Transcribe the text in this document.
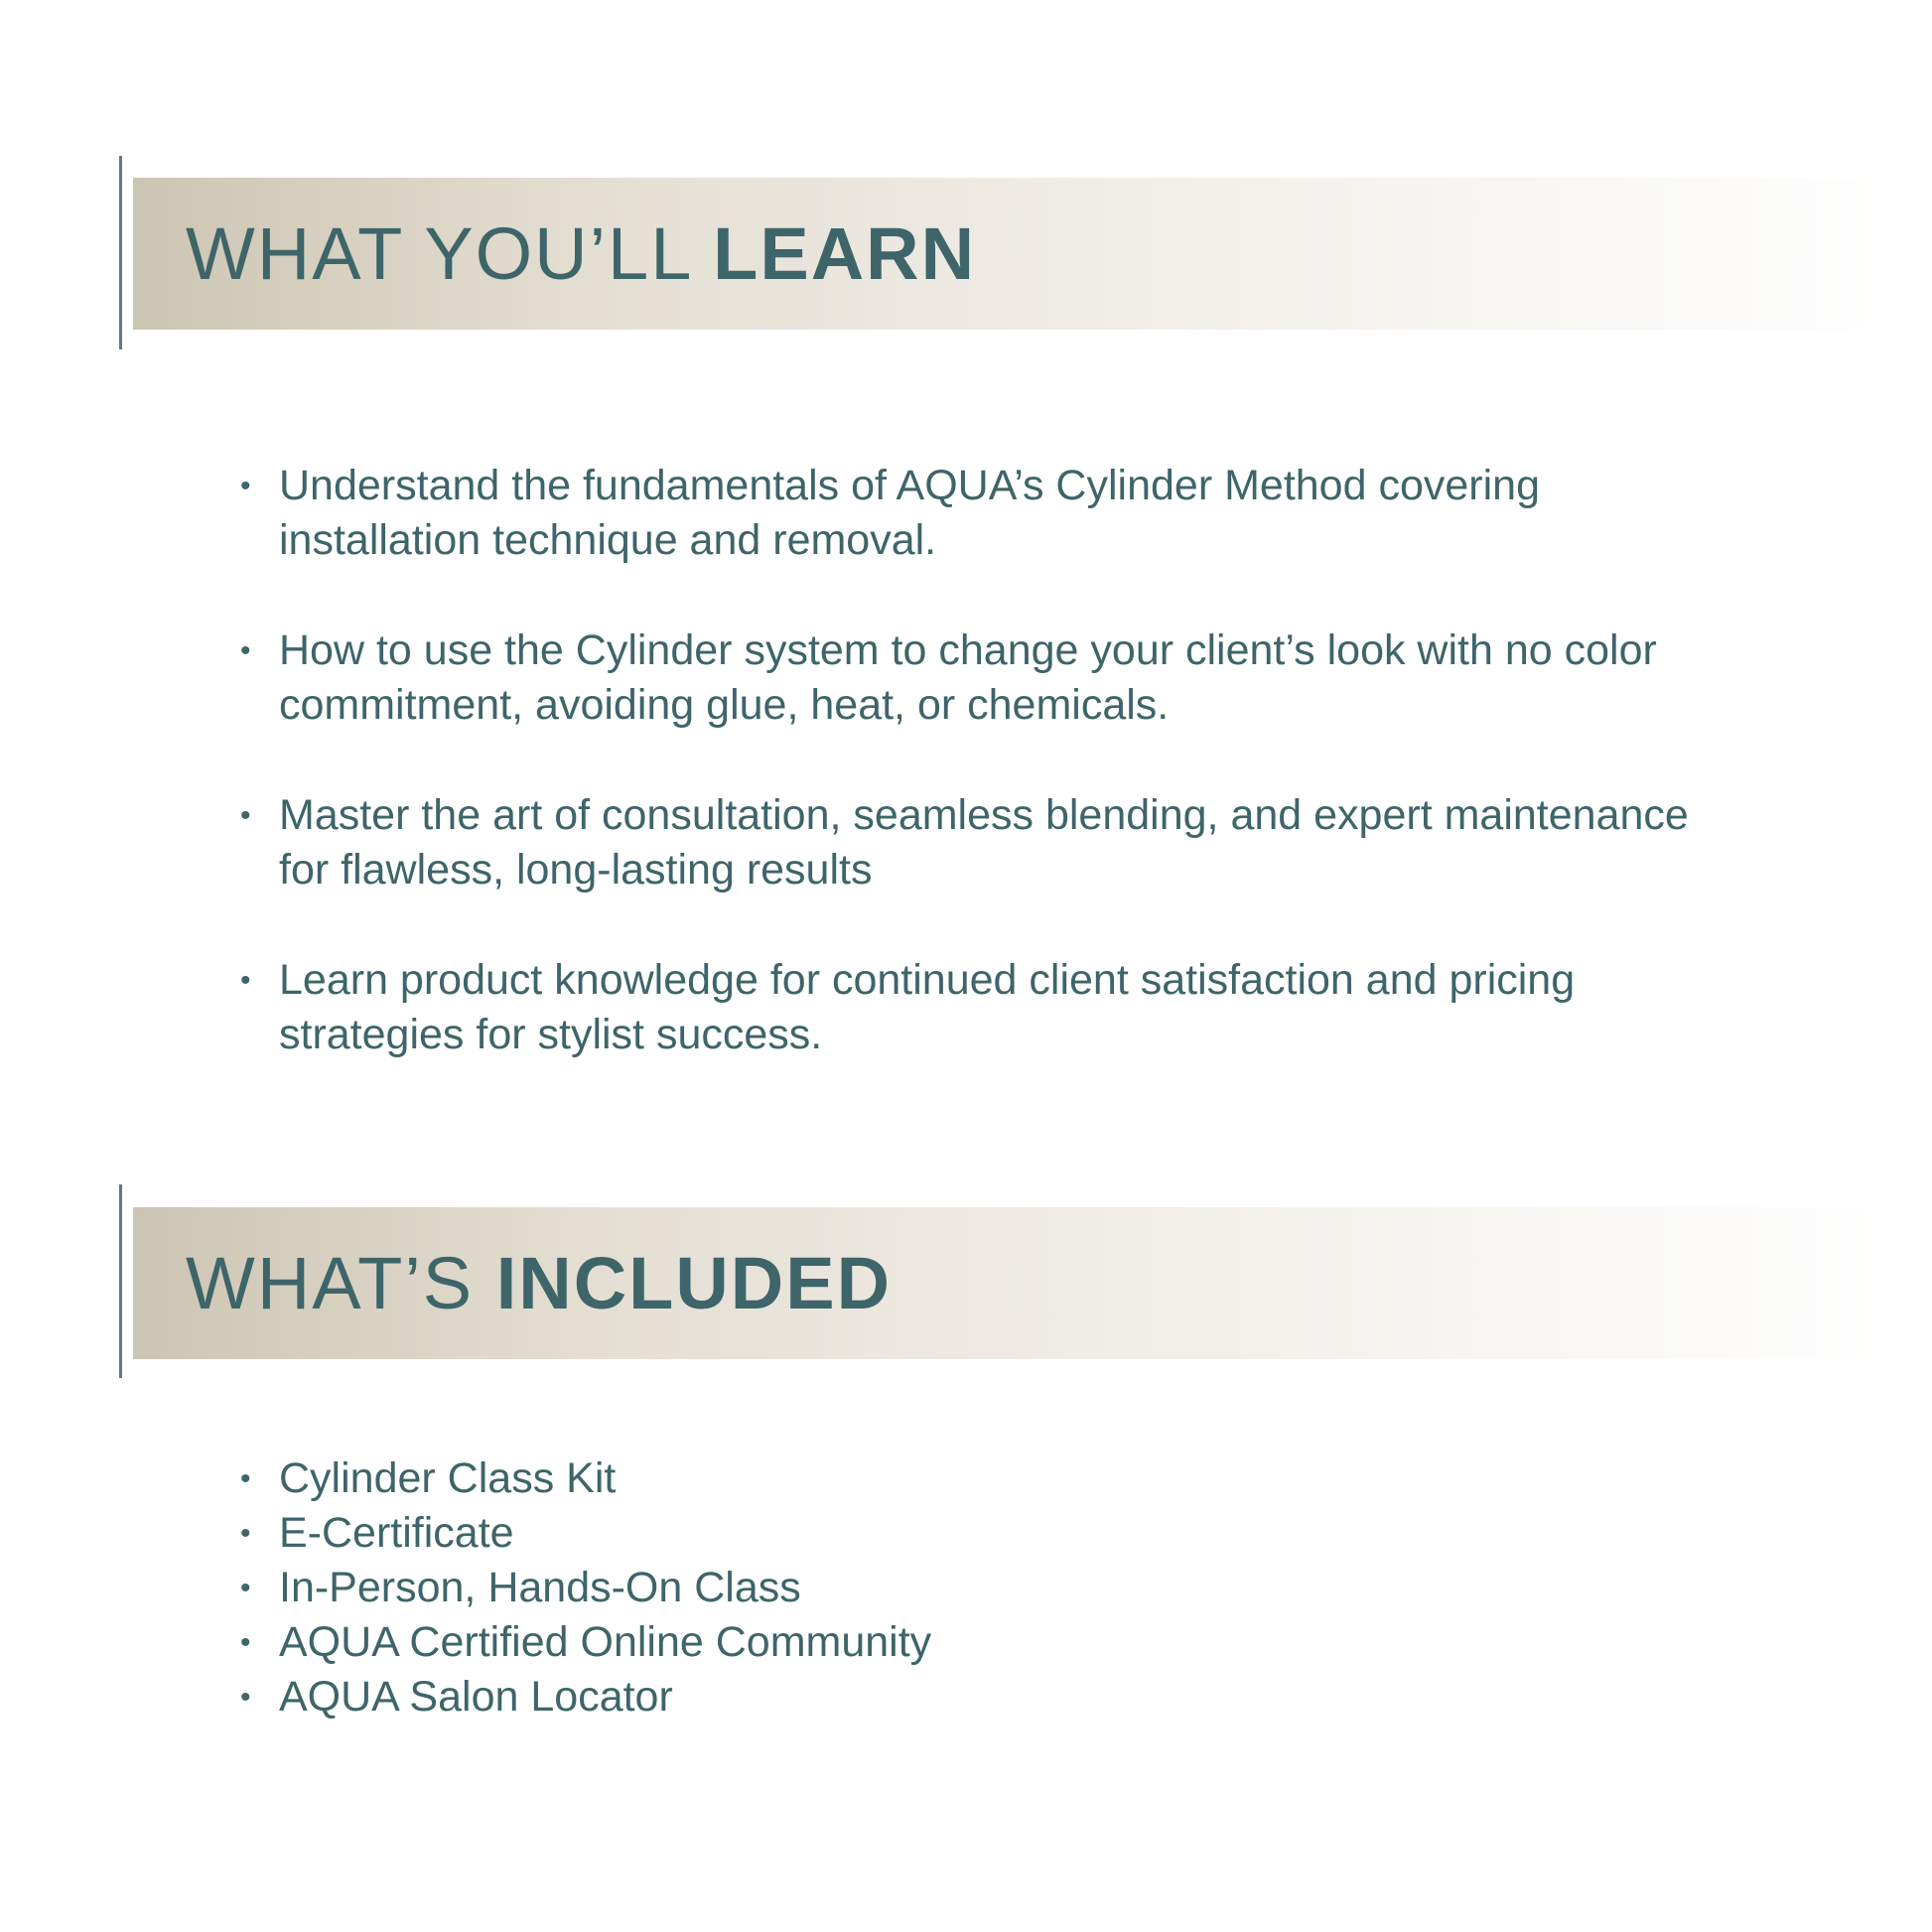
WHAT YOU’LL LEARN
• Understand the fundamentals of AQUA’s Cylinder Method covering installation technique and removal.
• How to use the Cylinder system to change your client’s look with no color commitment, avoiding glue, heat, or chemicals.
• Master the art of consultation, seamless blending, and expert maintenance for flawless, long-lasting results
• Learn product knowledge for continued client satisfaction and pricing strategies for stylist success.
WHAT’S INCLUDED
• Cylinder Class Kit
• E-Certificate
• In-Person, Hands-On Class
• AQUA Certified Online Community
• AQUA Salon Locator
